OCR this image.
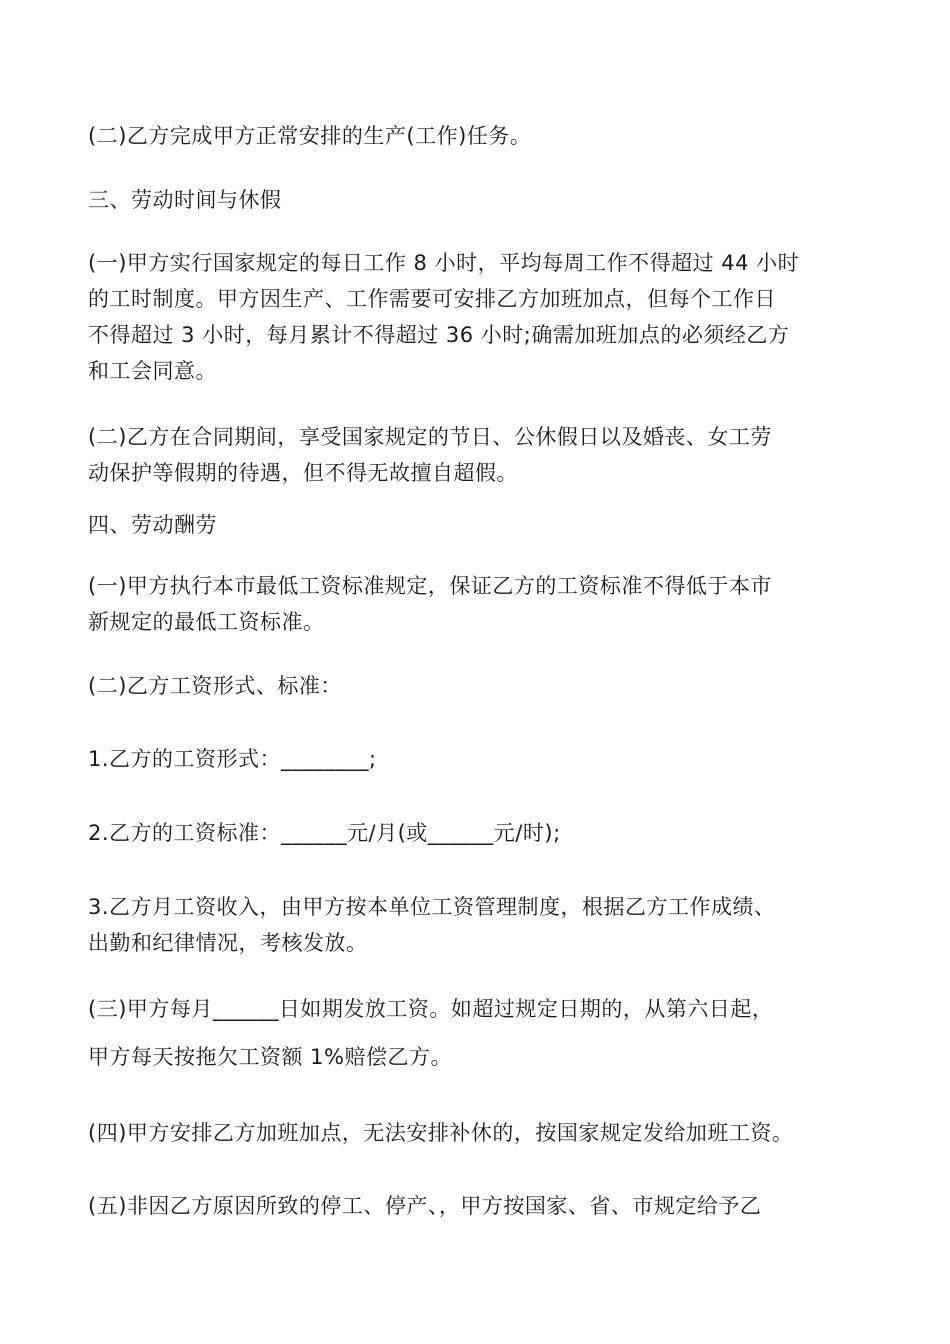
(二)乙方完成甲方正常安排的生产(工作)任务。
三、劳动时间与休假
(一)甲方实行国家规定的每日工作 8 小时，平均每周工作不得超过 44 小时
的工时制度。甲方因生产、工作需要可安排乙方加班加点，但每个工作日
不得超过 3 小时，每月累计不得超过 36 小时;确需加班加点的必须经乙方
和工会同意。
(二)乙方在合同期间，享受国家规定的节日、公休假日以及婚丧、女工劳
动保护等假期的待遇，但不得无故擅自超假。
四、劳动酬劳
(一)甲方执行本市最低工资标准规定，保证乙方的工资标准不得低于本市
新规定的最低工资标准。
(二)乙方工资形式、标准：
1.乙方的工资形式：________;
2.乙方的工资标准：______元/月(或______元/时);
3.乙方月工资收入，由甲方按本单位工资管理制度，根据乙方工作成绩、
出勤和纪律情况，考核发放。
(三)甲方每月______日如期发放工资。如超过规定日期的，从第六日起，
甲方每天按拖欠工资额 1%赔偿乙方。
(四)甲方安排乙方加班加点，无法安排补休的，按国家规定发给加班工资。
(五)非因乙方原因所致的停工、停产、，甲方按国家、省、市规定给予乙
